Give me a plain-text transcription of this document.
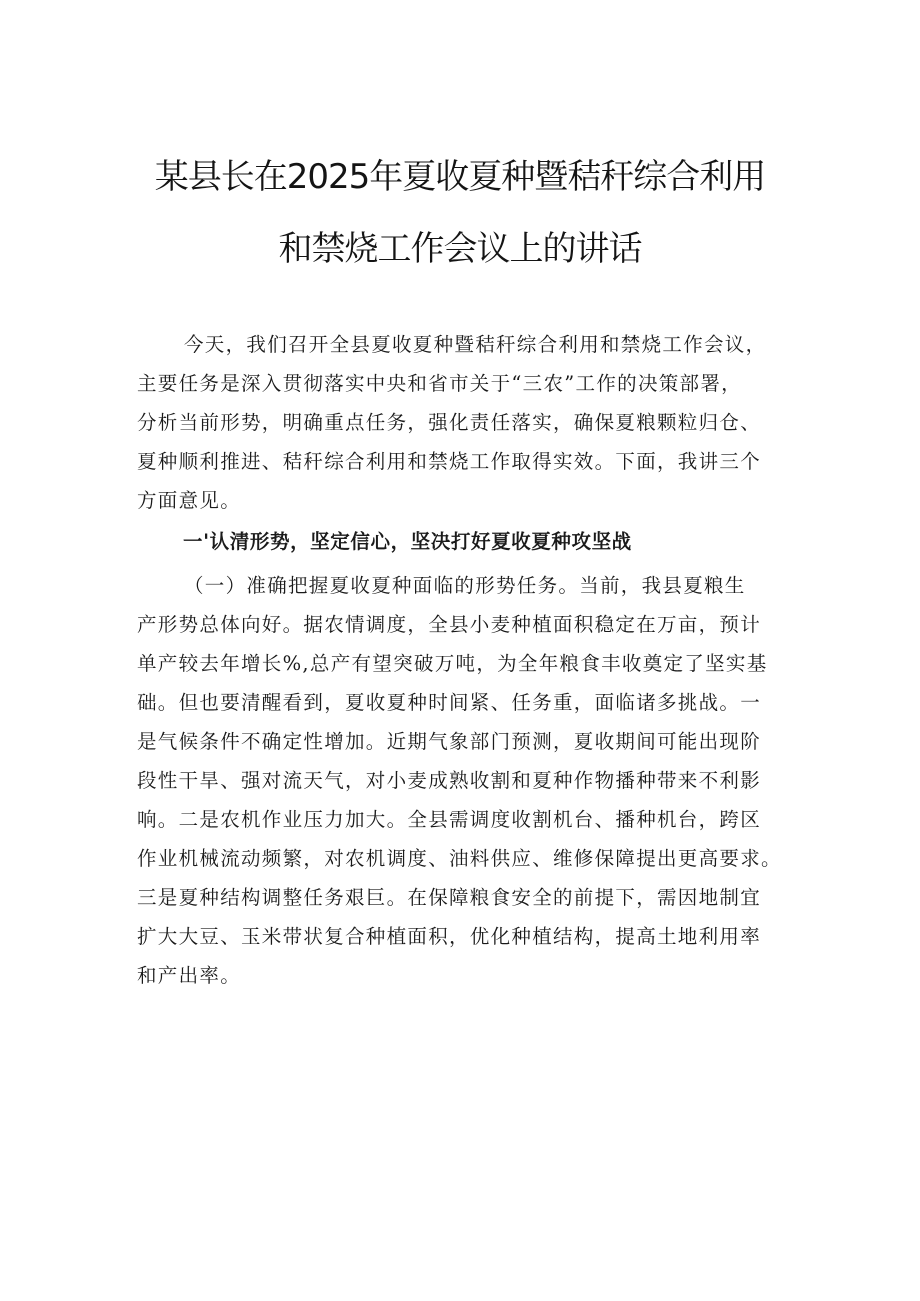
某县长在2025年夏收夏种暨秸秆综合利用
和禁烧工作会议上的讲话
今天，我们召开全县夏收夏种暨秸秆综合利用和禁烧工作会议，
主要任务是深入贯彻落实中央和省市关于“三农”工作的决策部署，
分析当前形势，明确重点任务，强化责任落实，确保夏粮颗粒归仓、
夏种顺利推进、秸秆综合利用和禁烧工作取得实效。下面，我讲三个
方面意见。
一'认清形势，坚定信心，坚决打好夏收夏种攻坚战
（一）准确把握夏收夏种面临的形势任务。当前，我县夏粮生
产形势总体向好。据农情调度，全县小麦种植面积稳定在万亩，预计
单产较去年增长%,总产有望突破万吨，为全年粮食丰收奠定了坚实基
础。但也要清醒看到，夏收夏种时间紧、任务重，面临诸多挑战。一
是气候条件不确定性增加。近期气象部门预测，夏收期间可能出现阶
段性干旱、强对流天气，对小麦成熟收割和夏种作物播种带来不利影
响。二是农机作业压力加大。全县需调度收割机台、播种机台，跨区
作业机械流动频繁，对农机调度、油料供应、维修保障提出更高要求。
三是夏种结构调整任务艰巨。在保障粮食安全的前提下，需因地制宜
扩大大豆、玉米带状复合种植面积，优化种植结构，提高土地利用率
和产出率。
